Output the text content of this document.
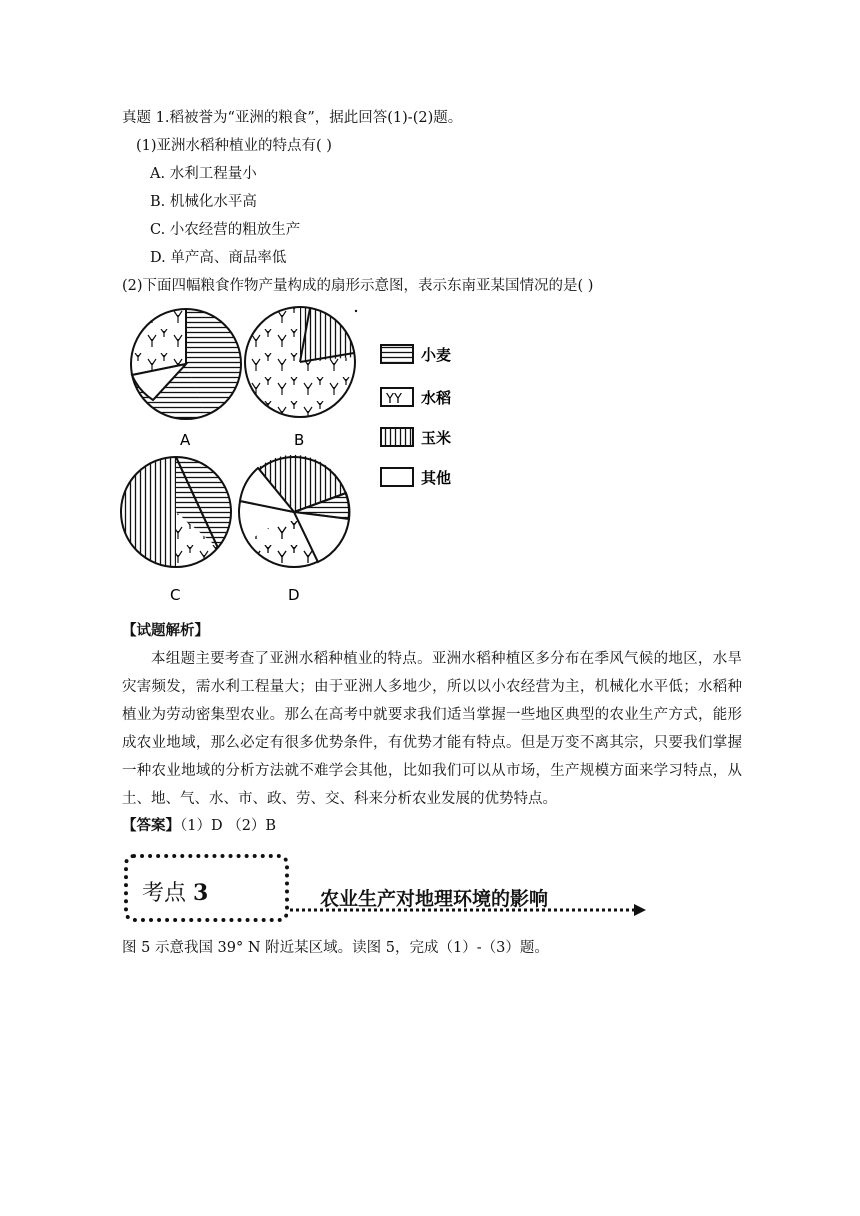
真题 1.稻被誉为“亚洲的粮食”，据此回答(1)-(2)题。
(1)亚洲水稻种植业的特点有( )
A. 水利工程量小
B. 机械化水平高
C. 小农经营的粗放生产
D. 单产高、商品率低
(2)下面四幅粮食作物产量构成的扇形示意图，表示东南亚某国情况的是( )
A	B
C	D
小麦
YY 水稻
玉米
其他
【试题解析】
本组题主要考查了亚洲水稻种植业的特点。亚洲水稻种植区多分布在季风气候的地区，水旱灾害频发，需水利工程量大；由于亚洲人多地少，所以以小农经营为主，机械化水平低；水稻种植业为劳动密集型农业。那么在高考中就要求我们适当掌握一些地区典型的农业生产方式，能形成农业地域，那么必定有很多优势条件，有优势才能有特点。但是万变不离其宗，只要我们掌握一种农业地域的分析方法就不难学会其他，比如我们可以从市场，生产规模方面来学习特点，从土、地、气、水、市、政、劳、交、科来分析农业发展的优势特点。
【答案】（1）D （2）B
考点 3	农业生产对地理环境的影响
图 5 示意我国 39° N 附近某区域。读图 5，完成（1）-（3）题。
